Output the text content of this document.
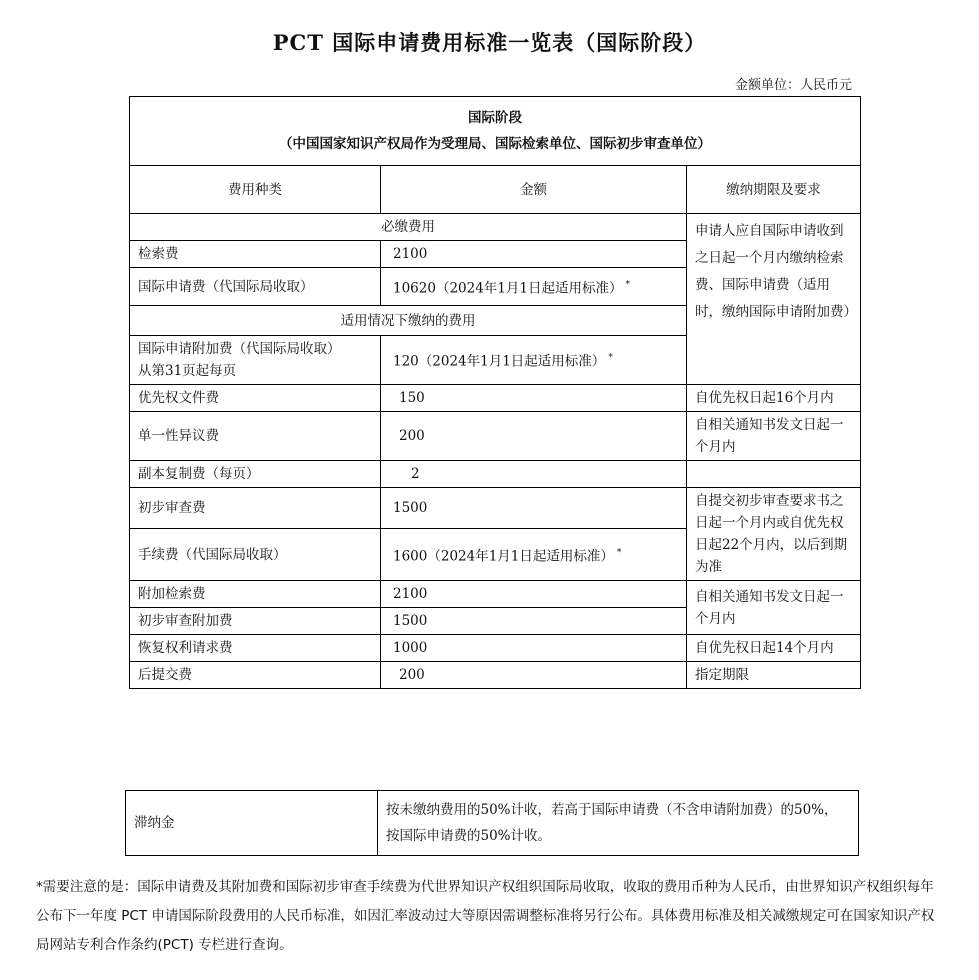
PCT 国际申请费用标准一览表（国际阶段）
金额单位：人民币元
国际阶段
（中国国家知识产权局作为受理局、国际检索单位、国际初步审查单位）		

费用种类	金额	缴纳期限及要求
必缴费用		申请人应自国际申请收到之日起一个月内缴纳检索费、国际申请费（适用时，缴纳国际申请附加费）
检索费	2100	
国际申请费（代国际局收取）	10620（2024年1月1日起适用标准） *
适用情况下缴纳的费用		

国际申请附加费（代国际局收取）
从第31页起每页	120（2024年1月1日起适用标准） *
优先权文件费	150	自优先权日起16个月内
单一性异议费	200	自相关通知书发文日起一个月内
副本复制费（每页）	2	
初步审查费	1500	自提交初步审查要求书之日起一个月内或自优先权日起22个月内，以后到期为准
手续费（代国际局收取）	1600（2024年1月1日起适用标准） *
附加检索费	2100	自相关通知书发文日起一个月内
初步审查附加费	1500	
恢复权利请求费	1000	自优先权日起14个月内
后提交费	200	指定期限
滞纳金	按未缴纳费用的50%计收，若高于国际申请费（不含申请附加费）的50%，按国际申请费的50%计收。
*需要注意的是：国际申请费及其附加费和国际初步审查手续费为代世界知识产权组织国际局收取，收取的费用币种为人民币，由世界知识产权组织每年公布下一年度 PCT 申请国际阶段费用的人民币标准，如因汇率波动过大等原因需调整标准将另行公布。具体费用标准及相关减缴规定可在国家知识产权局网站专利合作条约(PCT) 专栏进行查询。
